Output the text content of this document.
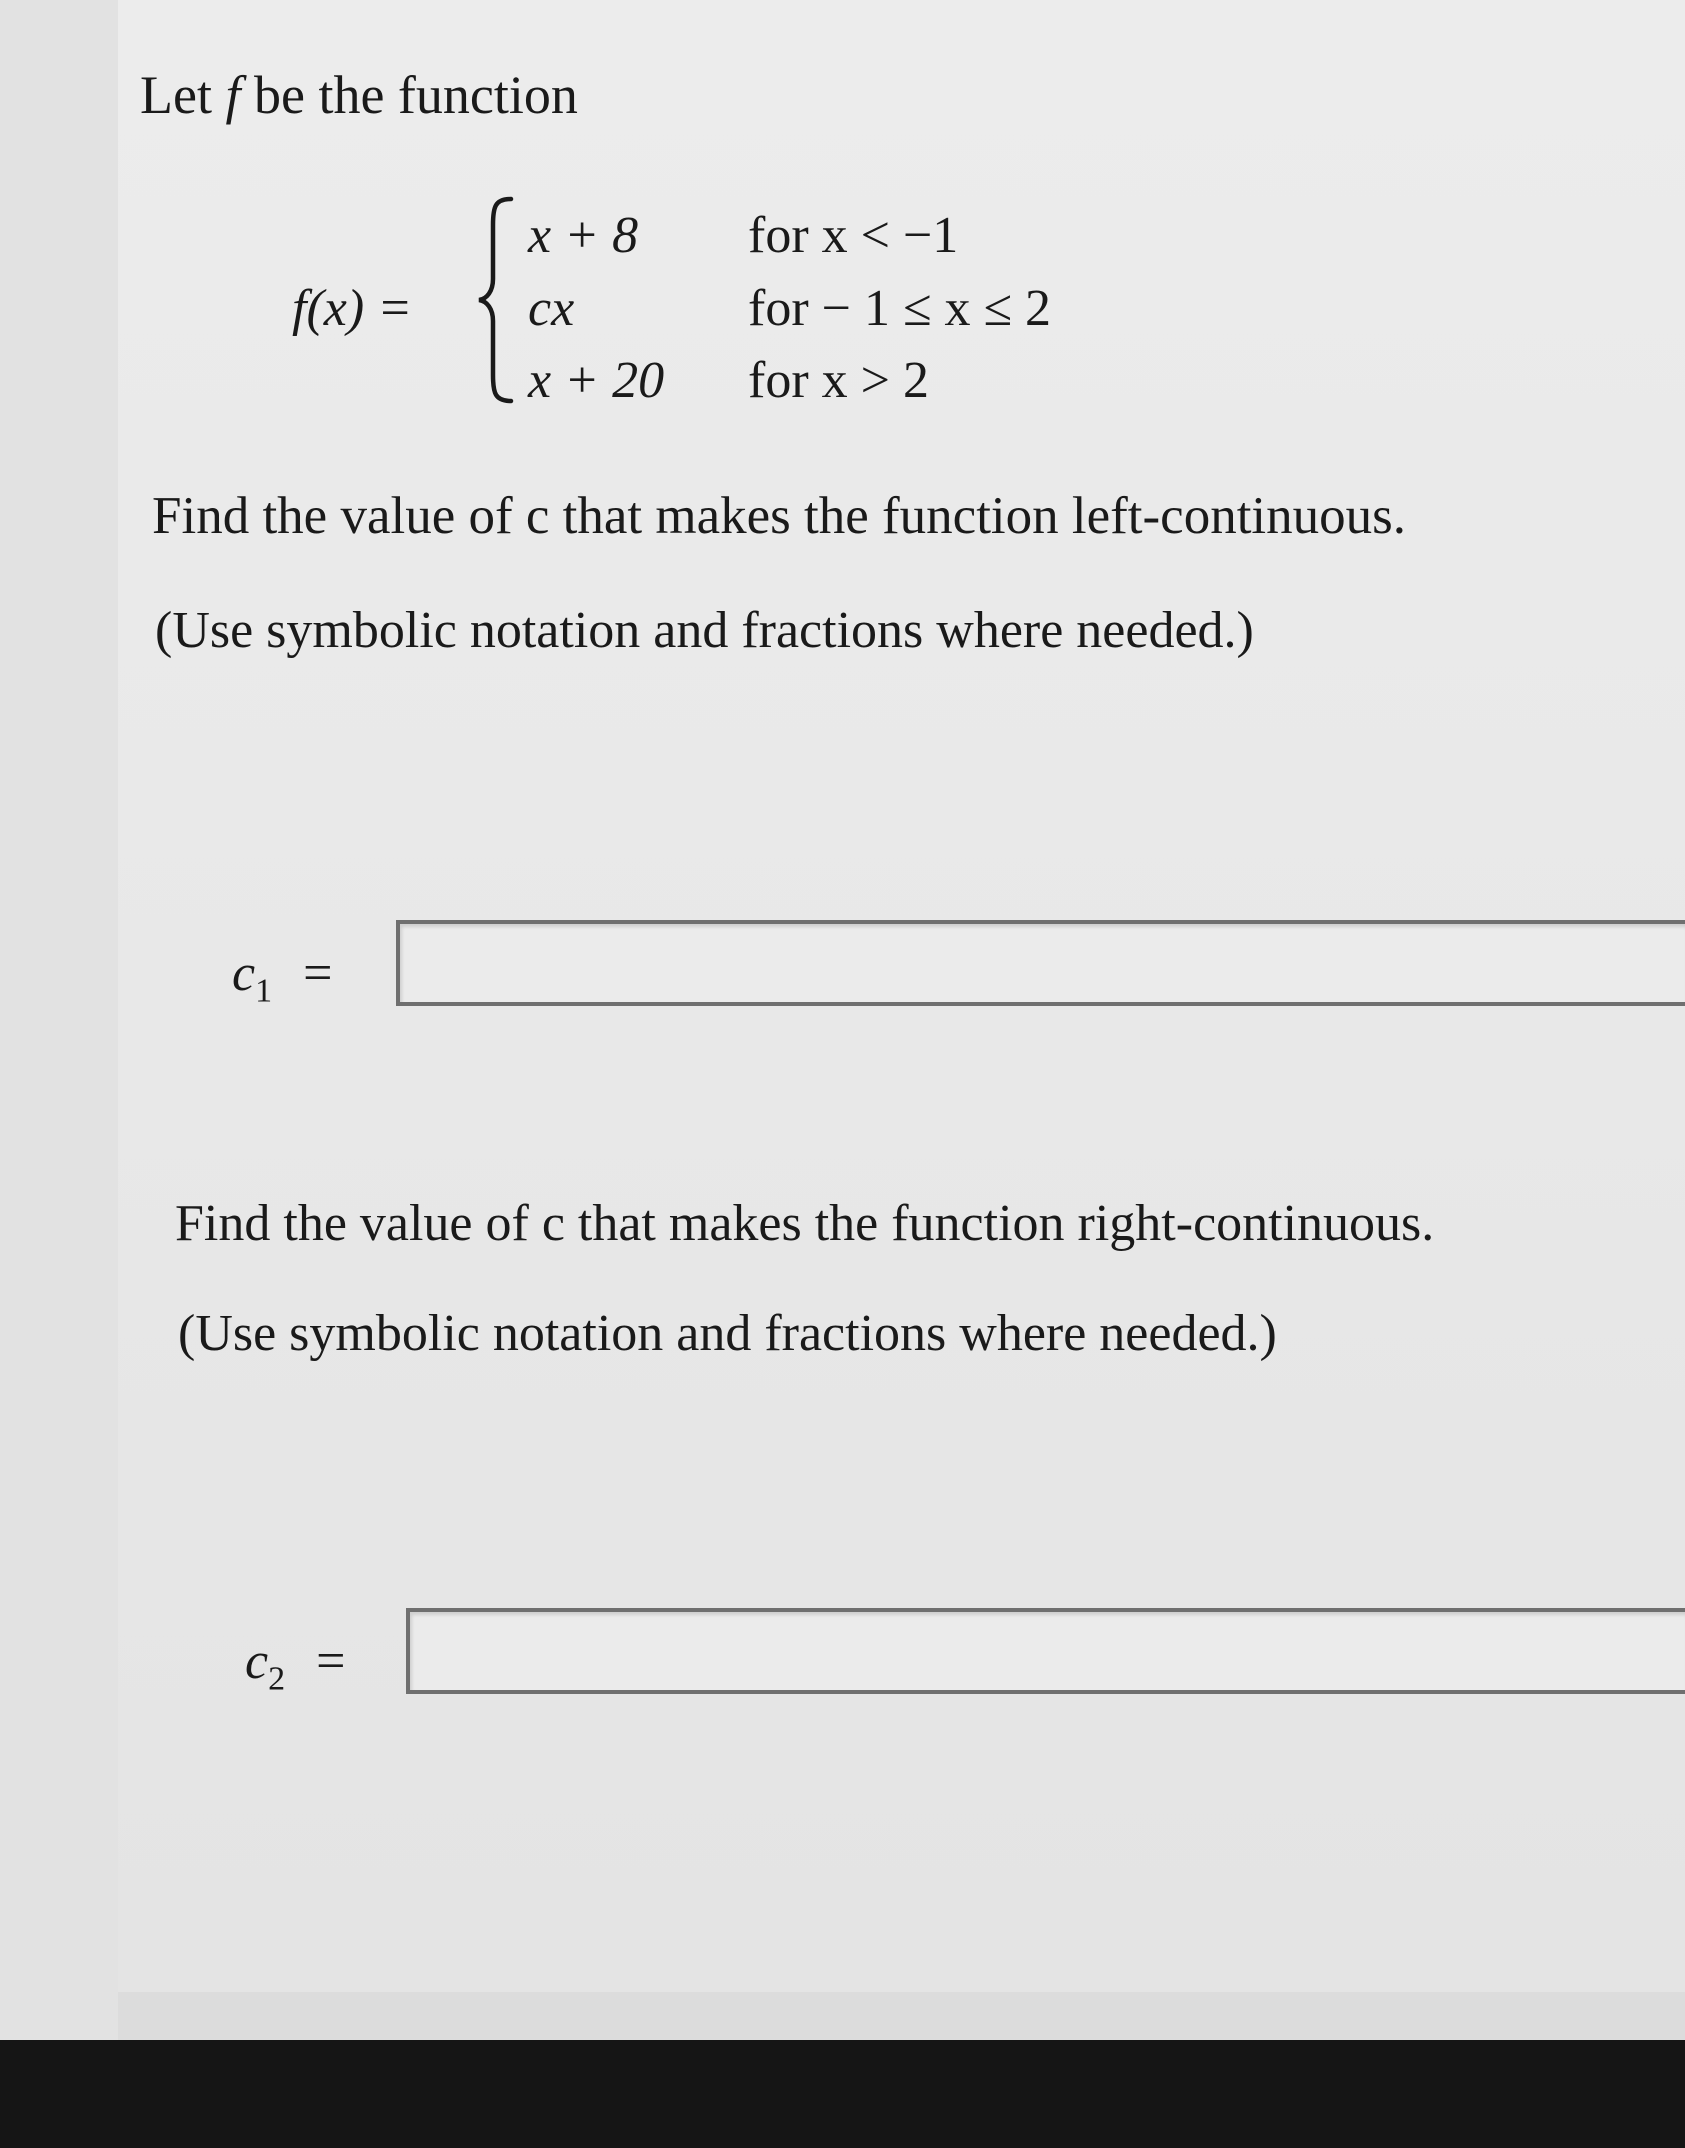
Let f be the function
f(x) =
x + 8 for x < −1
cx	for − 1 ≤ x ≤ 2
x + 20 for x > 2
Find the value of c that makes the function left-continuous.
(Use symbolic notation and fractions where needed.)
$c_1$ =
Find the value of c that makes the function right-continuous.
(Use symbolic notation and fractions where needed.)
$c_2$ =
